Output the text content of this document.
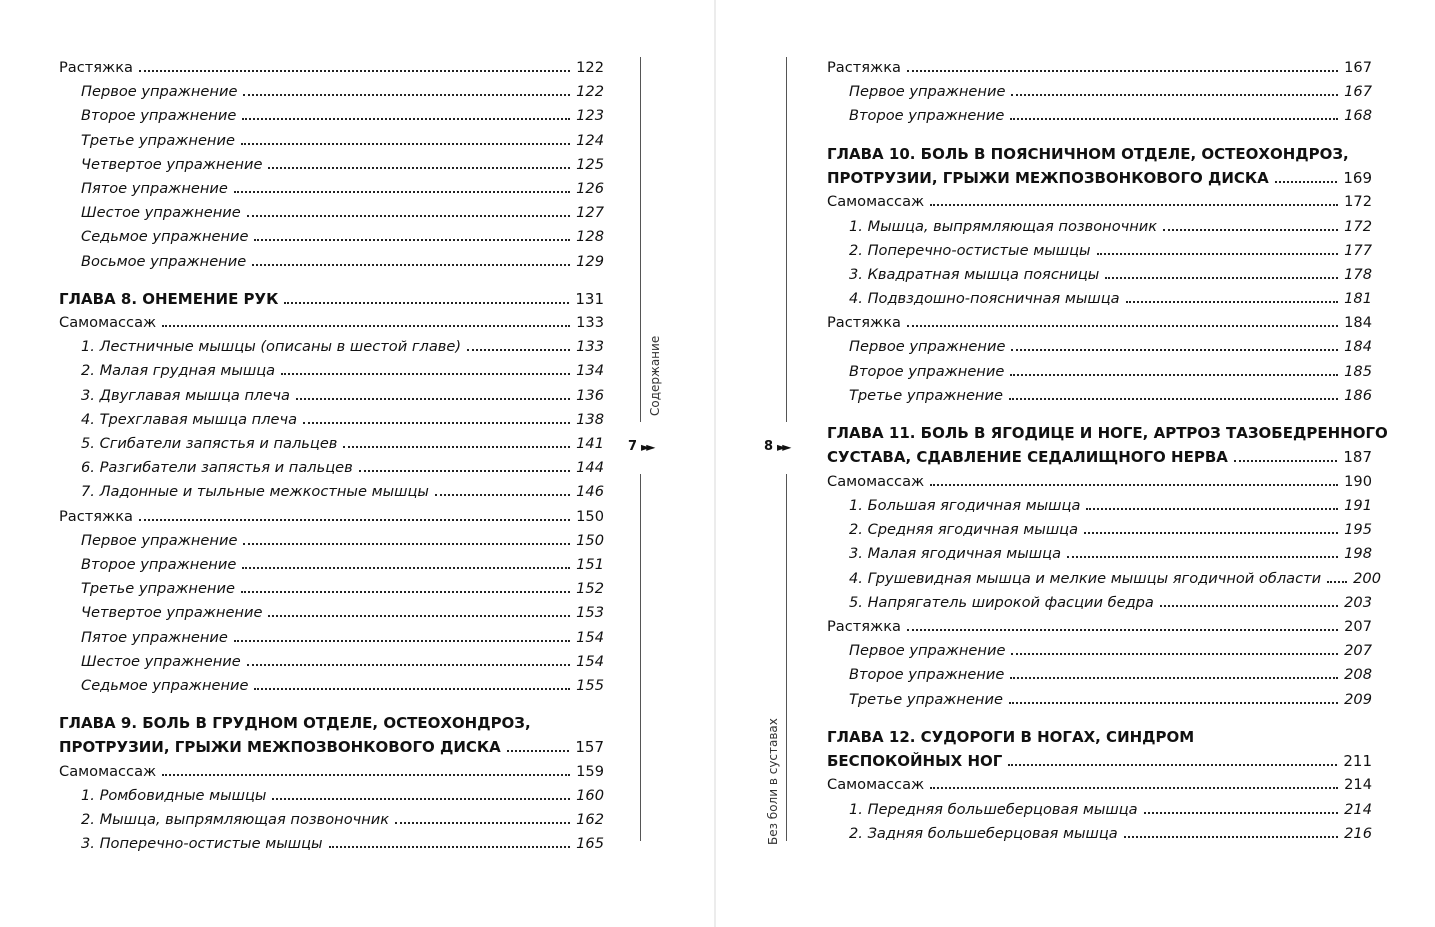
Растяжка	122
Первое упражнение	122
Второе упражнение	123
Третье упражнение	124
Четвертое упражнение	125
Пятое упражнение	126
Шестое упражнение	127
Седьмое упражнение	128
Восьмое упражнение	129
ГЛАВА 8. ОНЕМЕНИЕ РУК	131
Самомассаж	133
1. Лестничные мышцы (описаны в шестой главе)	133
2. Малая грудная мышца	134
3. Двуглавая мышца плеча	136
4. Трехглавая мышца плеча	138
5. Сгибатели запястья и пальцев	141
6. Разгибатели запястья и пальцев	144
7. Ладонные и тыльные межкостные мышцы	146
Растяжка	150
Первое упражнение	150
Второе упражнение	151
Третье упражнение	152
Четвертое упражнение	153
Пятое упражнение	154
Шестое упражнение	154
Седьмое упражнение	155
ГЛАВА 9. БОЛЬ В ГРУДНОМ ОТДЕЛЕ, ОСТЕОХОНДРОЗ,
ПРОТРУЗИИ, ГРЫЖИ МЕЖПОЗВОНКОВОГО ДИСКА	157
Самомассаж	159
1. Ромбовидные мышцы	160
2. Мышца, выпрямляющая позвоночник	162
3. Поперечно-остистые мышцы	165
Содержание
7 ►►
Растяжка	167
Первое упражнение	167
Второе упражнение	168
ГЛАВА 10. БОЛЬ В ПОЯСНИЧНОМ ОТДЕЛЕ, ОСТЕОХОНДРОЗ,
ПРОТРУЗИИ, ГРЫЖИ МЕЖПОЗВОНКОВОГО ДИСКА	169
Самомассаж	172
1. Мышца, выпрямляющая позвоночник	172
2. Поперечно-остистые мышцы	177
3. Квадратная мышца поясницы	178
4. Подвздошно-поясничная мышца	181
Растяжка	184
Первое упражнение	184
Второе упражнение	185
Третье упражнение	186
ГЛАВА 11. БОЛЬ В ЯГОДИЦЕ И НОГЕ, АРТРОЗ ТАЗОБЕДРЕННОГО
СУСТАВА, СДАВЛЕНИЕ СЕДАЛИЩНОГО НЕРВА	187
Самомассаж	190
1. Большая ягодичная мышца	191
2. Средняя ягодичная мышца	195
3. Малая ягодичная мышца	198
4. Грушевидная мышца и мелкие мышцы ягодичной области	200
5. Напрягатель широкой фасции бедра	203
Растяжка	207
Первое упражнение	207
Второе упражнение	208
Третье упражнение	209
ГЛАВА 12. СУДОРОГИ В НОГАХ, СИНДРОМ
БЕСПОКОЙНЫХ НОГ	211
Самомассаж	214
1. Передняя большеберцовая мышца	214
2. Задняя большеберцовая мышца	216
8 ►►
Без боли в суставах
